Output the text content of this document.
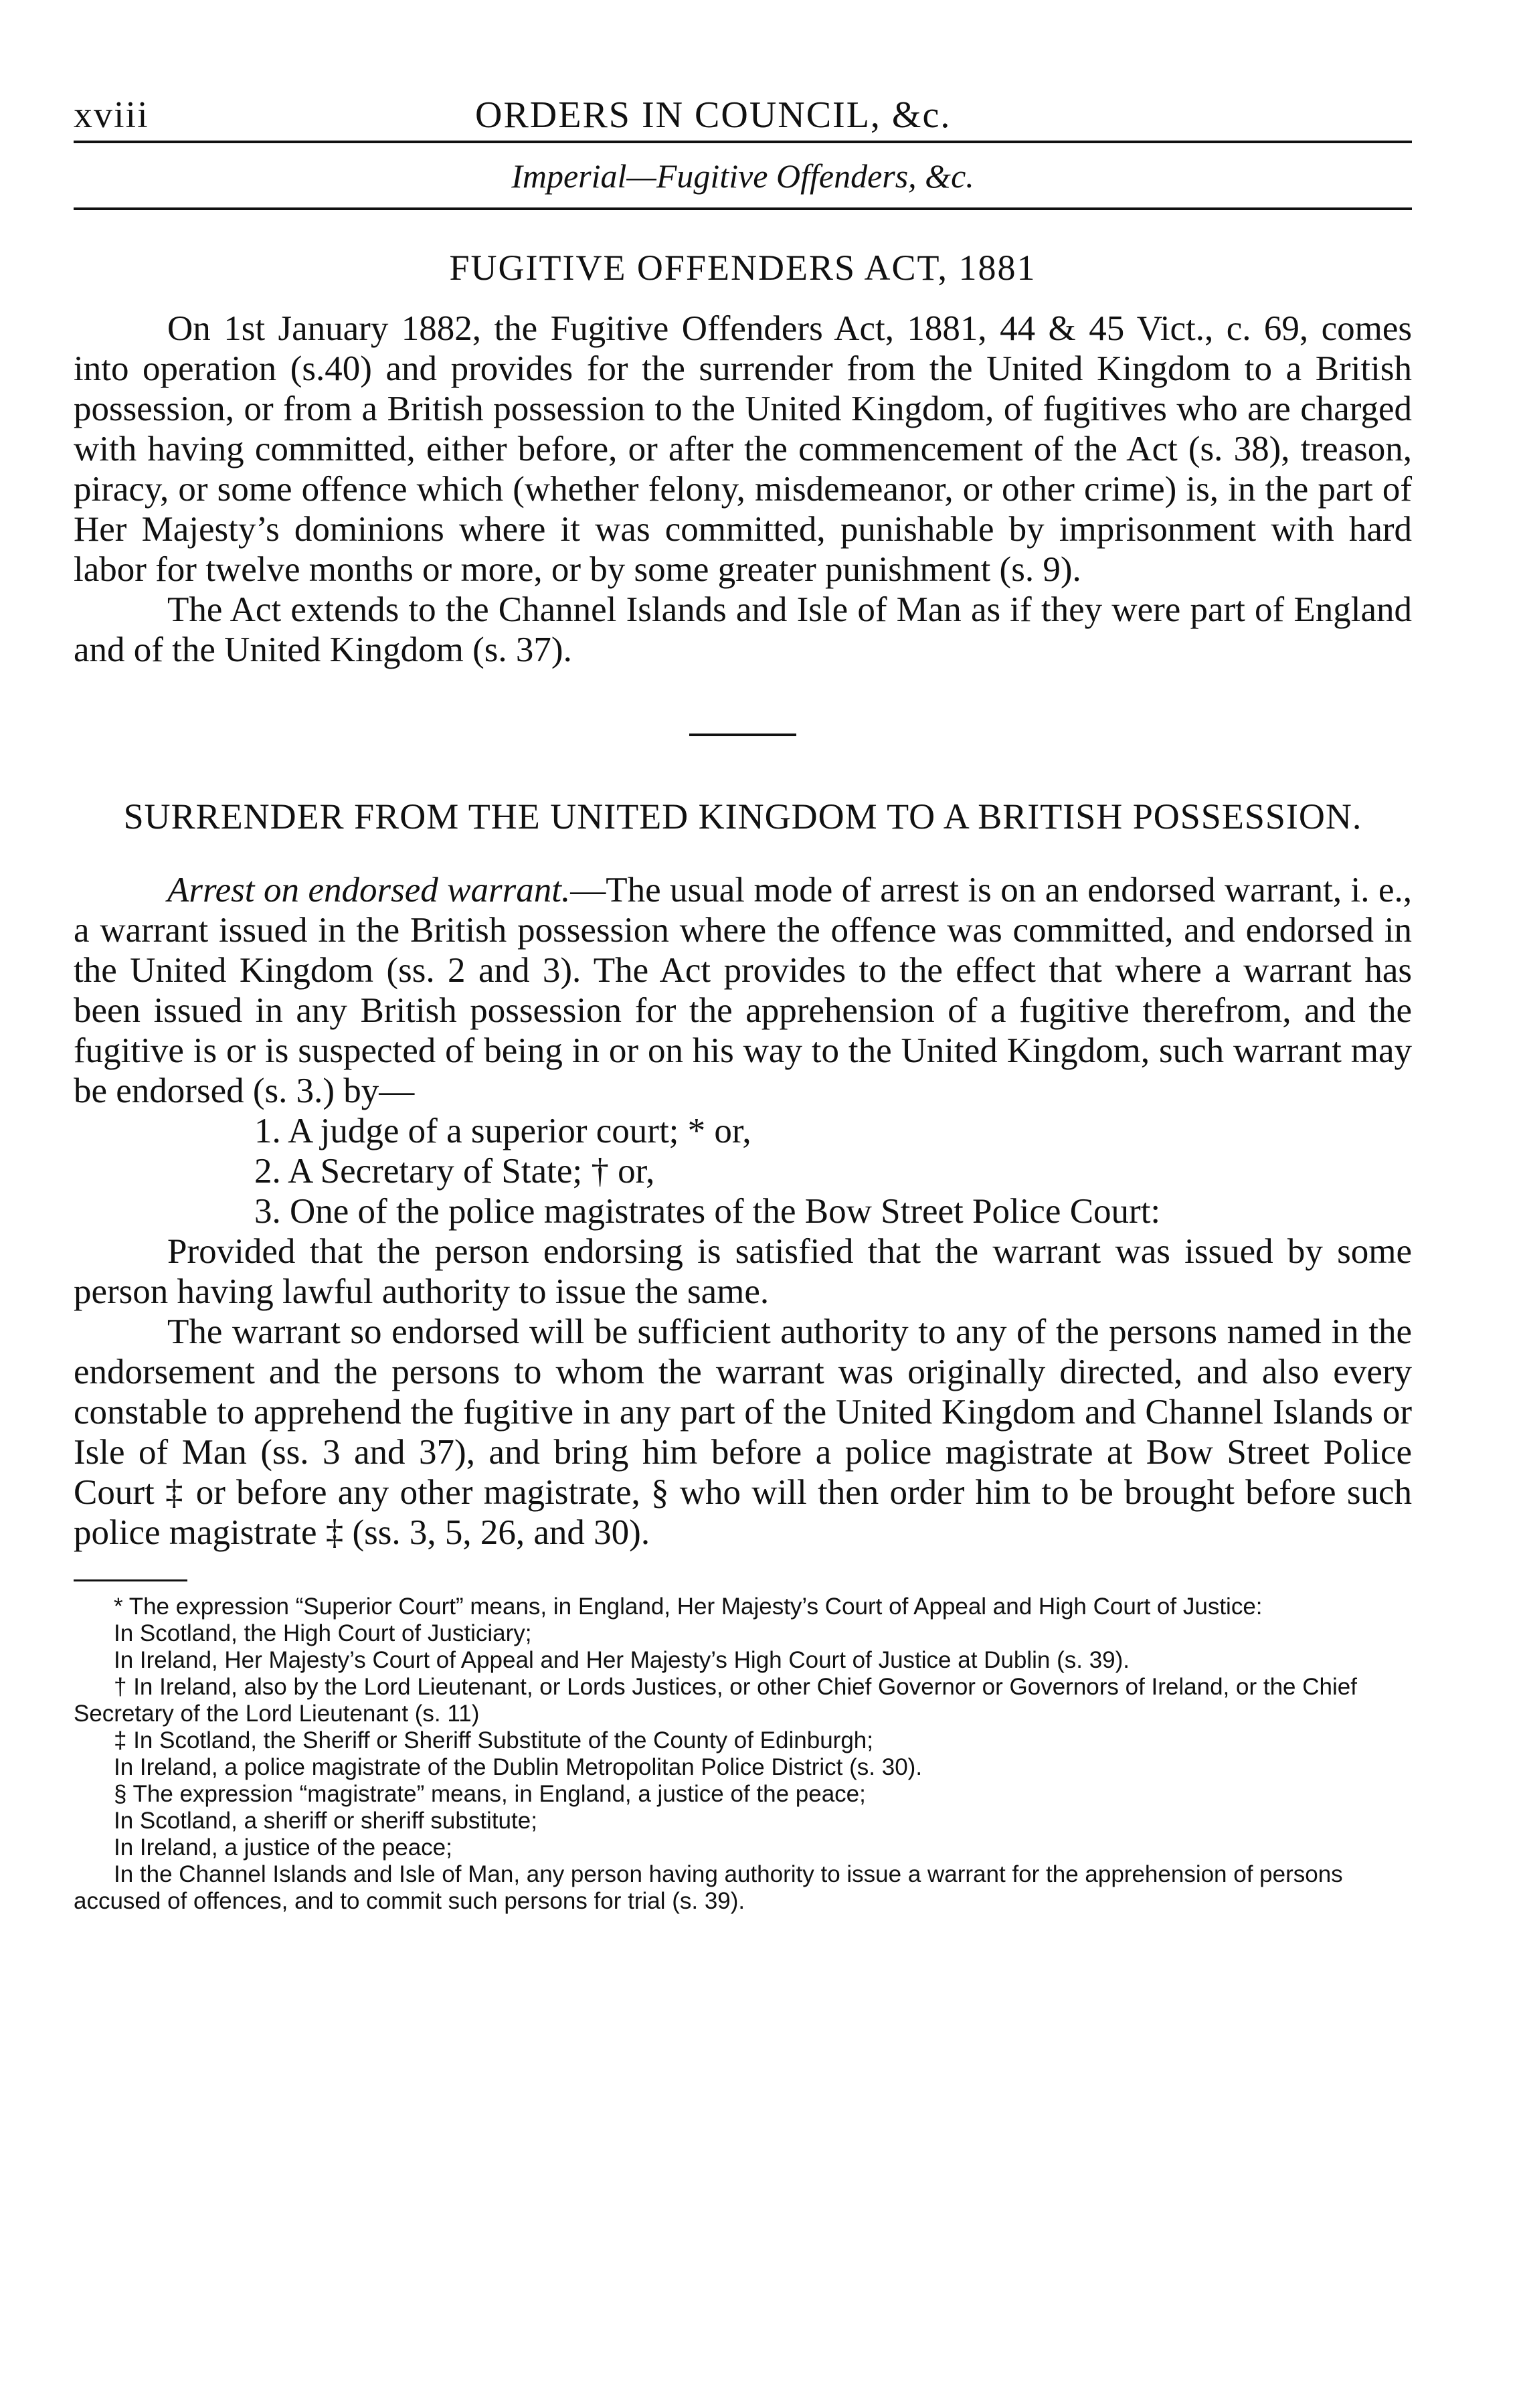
xviii	ORDERS IN COUNCIL, &c.
Imperial—Fugitive Offenders, &c.
FUGITIVE OFFENDERS ACT, 1881

On 1st January 1882, the Fugitive Offenders Act, 1881, 44 & 45 Vict., c. 69, comes into operation (s.40) and provides for the surrender from the United Kingdom to a British possession, or from a British possession to the United Kingdom, of fugitives who are charged with having committed, either before, or after the commencement of the Act (s. 38), treason, piracy, or some offence which (whether felony, misdemeanor, or other crime) is, in the part of Her Majesty’s dominions where it was committed, punishable by imprisonment with hard labor for twelve months or more, or by some greater punishment (s. 9).

The Act extends to the Channel Islands and Isle of Man as if they were part of England and of the United Kingdom (s. 37).

SURRENDER FROM THE UNITED KINGDOM TO A BRITISH POSSESSION.

Arrest on endorsed warrant.—The usual mode of arrest is on an endorsed warrant, i. e., a warrant issued in the British possession where the offence was committed, and endorsed in the United Kingdom (ss. 2 and 3). The Act provides to the effect that where a warrant has been issued in any British possession for the apprehension of a fugitive therefrom, and the fugitive is or is suspected of being in or on his way to the United Kingdom, such warrant may be endorsed (s. 3.) by—

1. A judge of a superior court; * or,
2. A Secretary of State; † or,
3. One of the police magistrates of the Bow Street Police Court:

Provided that the person endorsing is satisfied that the warrant was issued by some person having lawful authority to issue the same.

The warrant so endorsed will be sufficient authority to any of the persons named in the endorsement and the persons to whom the warrant was originally directed, and also every constable to apprehend the fugitive in any part of the United Kingdom and Channel Islands or Isle of Man (ss. 3 and 37), and bring him before a police magistrate at Bow Street Police Court ‡ or before any other magistrate, § who will then order him to be brought before such police magistrate ‡ (ss. 3, 5, 26, and 30).

* The expression “Superior Court” means, in England, Her Majesty’s Court of Appeal and High Court of Justice:

In Scotland, the High Court of Justiciary;

In Ireland, Her Majesty’s Court of Appeal and Her Majesty’s High Court of Justice at Dublin (s. 39).

† In Ireland, also by the Lord Lieutenant, or Lords Justices, or other Chief Governor or Governors of Ireland, or the Chief Secretary of the Lord Lieutenant (s. 11)

‡ In Scotland, the Sheriff or Sheriff Substitute of the County of Edinburgh;

In Ireland, a police magistrate of the Dublin Metropolitan Police District (s. 30).

§ The expression “magistrate” means, in England, a justice of the peace;

In Scotland, a sheriff or sheriff substitute;

In Ireland, a justice of the peace;

In the Channel Islands and Isle of Man, any person having authority to issue a warrant for the apprehension of persons accused of offences, and to commit such persons for trial (s. 39).
